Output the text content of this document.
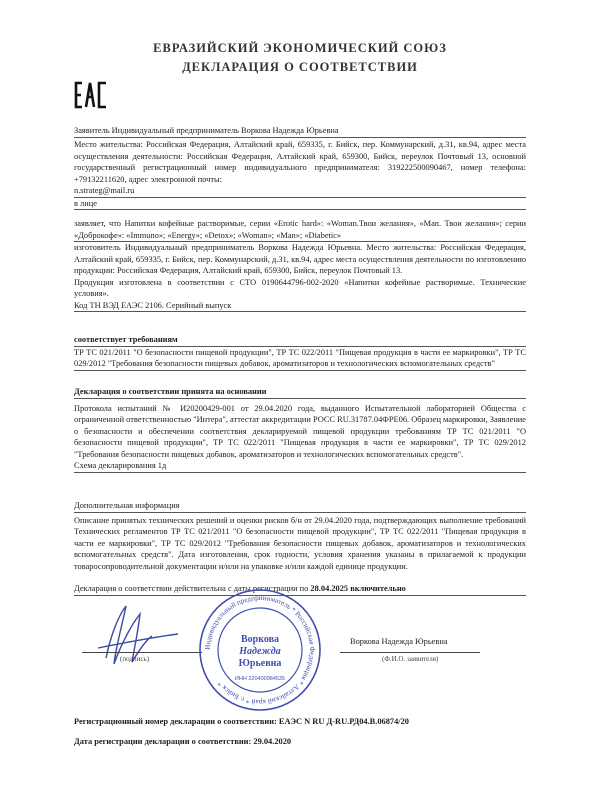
ЕВРАЗИЙСКИЙ ЭКОНОМИЧЕСКИЙ СОЮЗ
ДЕКЛАРАЦИЯ О СООТВЕТСТВИИ

Заявитель Индивидуальный предприниматель Воркова Надежда Юрьевна

Место жительства: Российская Федерация, Алтайский край, 659335, г. Бийск, пер. Коммунарский, д.31, кв.94, адрес места осуществления деятельности: Российская Федерация, Алтайский край, 659300, Бийск, переулок Почтовый 13, основной государственный регистрационный номер индивидуального предпринимателя: 319222500090467, номер телефона: +79132211620, адрес электронной почты:

n.strateg@mail.ru

в лице

заявляет, что Напитки кофейные растворимые, серии «Erotic hard»: «Woman.Твои желания», «Man. Твои желания»; серии «Доброкофе»: «Immuno»; «Energy»; «Detox»; «Woman»; «Man»; «Diabetic»

изготовитель Индивидуальный предприниматель Воркова Надежда Юрьевна. Место жительства: Российская Федерация, Алтайский край, 659335, г. Бийск, пер. Коммунарский, д.31, кв.94, адрес места осуществления деятельности по изготовлению продукции: Российская Федерация, Алтайский край, 659300, Бийск, переулок Почтовый 13.

Продукция изготовлена в соответствии с СТО 0190644796-002-2020 «Напитки кофейные растворимые. Технические условия».

Код ТН ВЭД ЕАЭС 2106. Серийный выпуск

соответствует требованиям

ТР ТС 021/2011 "О безопасности пищевой продукции", ТР ТС 022/2011 "Пищевая продукция в части ее маркировки", ТР ТС 029/2012 "Требования безопасности пищевых добавок, ароматизаторов и технологических вспомогательных средств"

Декларация о соответствии принята на основании

Протокола испытаний № И20200429-001 от 29.04.2020 года, выданного Испытательной лабораторией Общества с ограниченной ответственностью "Интера", аттестат аккредитации РОСС RU.31787.04ФРЕ06. Образец маркировки, Заявление о безопасности и обеспечении соответствия декларируемой пищевой продукции требованиям ТР ТС 021/2011 "О безопасности пищевой продукции", ТР ТС 022/2011 "Пищевая продукция в части ее маркировки", ТР ТС 029/2012 "Требования безопасности пищевых добавок, ароматизаторов и технологических вспомогательных средств".

Схема декларирования 1д

Дополнительная информация

Описание принятых технических решений и оценки рисков б/н от 29.04.2020 года, подтверждающих выполнение требований Технических регламентов ТР ТС 021/2011 "О безопасности пищевой продукции", ТР ТС 022/2011 "Пищевая продукция в части ее маркировки", ТР ТС 029/2012 "Требования безопасности пищевых добавок, ароматизаторов и технологических вспомогательных средств". Дата изготовления, срок годности, условия хранения указаны в прилагаемой к продукции товаросопроводительной документации и/или на упаковке и/или каждой единице продукции.

Декларация о соответствии действительна с даты регистрации по 28.04.2025 включительно

(подпись)
Индивидуальный предприниматель * Российская Федерация * Алтайский край * г. Бийск *
Воркова
Надежда
Юрьевна
ИНН 220400984535
Воркова Надежда Юрьевна
(Ф.И.О. заявителя)

Регистрационный номер декларации о соответствии: ЕАЭС N RU Д-RU.РД04.В.06874/20

Дата регистрации декларации о соответствии: 29.04.2020
